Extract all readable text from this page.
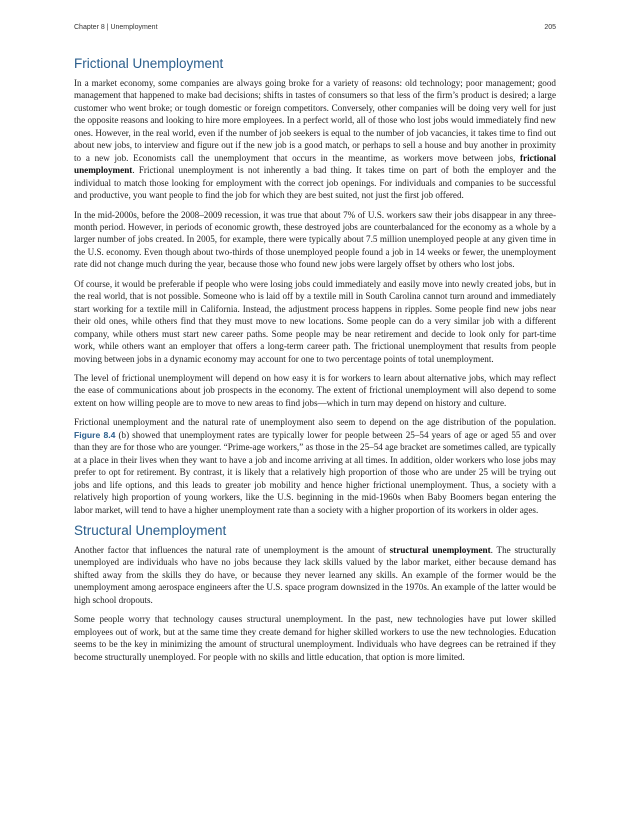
Chapter 8 | Unemployment	205
Frictional Unemployment

In a market economy, some companies are always going broke for a variety of reasons: old technology; poor management; good management that happened to make bad decisions; shifts in tastes of consumers so that less of the firm’s product is desired; a large customer who went broke; or tough domestic or foreign competitors. Conversely, other companies will be doing very well for just the opposite reasons and looking to hire more employees. In a perfect world, all of those who lost jobs would immediately find new ones. However, in the real world, even if the number of job seekers is equal to the number of job vacancies, it takes time to find out about new jobs, to interview and figure out if the new job is a good match, or perhaps to sell a house and buy another in proximity to a new job. Economists call the unemployment that occurs in the meantime, as workers move between jobs, frictional unemployment. Frictional unemployment is not inherently a bad thing. It takes time on part of both the employer and the individual to match those looking for employment with the correct job openings. For individuals and companies to be successful and productive, you want people to find the job for which they are best suited, not just the first job offered.

In the mid-2000s, before the 2008–2009 recession, it was true that about 7% of U.S. workers saw their jobs disappear in any three-month period. However, in periods of economic growth, these destroyed jobs are counterbalanced for the economy as a whole by a larger number of jobs created. In 2005, for example, there were typically about 7.5 million unemployed people at any given time in the U.S. economy. Even though about two-thirds of those unemployed people found a job in 14 weeks or fewer, the unemployment rate did not change much during the year, because those who found new jobs were largely offset by others who lost jobs.

Of course, it would be preferable if people who were losing jobs could immediately and easily move into newly created jobs, but in the real world, that is not possible. Someone who is laid off by a textile mill in South Carolina cannot turn around and immediately start working for a textile mill in California. Instead, the adjustment process happens in ripples. Some people find new jobs near their old ones, while others find that they must move to new locations. Some people can do a very similar job with a different company, while others must start new career paths. Some people may be near retirement and decide to look only for part-time work, while others want an employer that offers a long-term career path. The frictional unemployment that results from people moving between jobs in a dynamic economy may account for one to two percentage points of total unemployment.

The level of frictional unemployment will depend on how easy it is for workers to learn about alternative jobs, which may reflect the ease of communications about job prospects in the economy. The extent of frictional unemployment will also depend to some extent on how willing people are to move to new areas to find jobs—which in turn may depend on history and culture.

Frictional unemployment and the natural rate of unemployment also seem to depend on the age distribution of the population. Figure 8.4 (b) showed that unemployment rates are typically lower for people between 25–54 years of age or aged 55 and over than they are for those who are younger. “Prime-age workers,” as those in the 25–54 age bracket are sometimes called, are typically at a place in their lives when they want to have a job and income arriving at all times. In addition, older workers who lose jobs may prefer to opt for retirement. By contrast, it is likely that a relatively high proportion of those who are under 25 will be trying out jobs and life options, and this leads to greater job mobility and hence higher frictional unemployment. Thus, a society with a relatively high proportion of young workers, like the U.S. beginning in the mid-1960s when Baby Boomers began entering the labor market, will tend to have a higher unemployment rate than a society with a higher proportion of its workers in older ages.

Structural Unemployment

Another factor that influences the natural rate of unemployment is the amount of structural unemployment. The structurally unemployed are individuals who have no jobs because they lack skills valued by the labor market, either because demand has shifted away from the skills they do have, or because they never learned any skills. An example of the former would be the unemployment among aerospace engineers after the U.S. space program downsized in the 1970s. An example of the latter would be high school dropouts.

Some people worry that technology causes structural unemployment. In the past, new technologies have put lower skilled employees out of work, but at the same time they create demand for higher skilled workers to use the new technologies. Education seems to be the key in minimizing the amount of structural unemployment. Individuals who have degrees can be retrained if they become structurally unemployed. For people with no skills and little education, that option is more limited.
